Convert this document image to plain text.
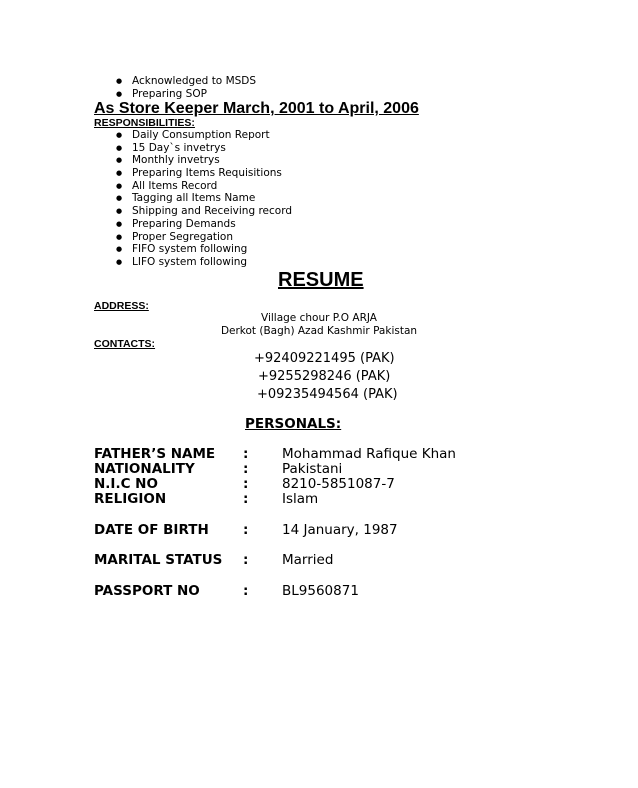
● Acknowledged to MSDS
● Preparing SOP
As Store Keeper March, 2001 to April, 2006
RESPONSIBILITIES:
● Daily Consumption Report
● 15 Day`s invetrys
● Monthly invetrys
● Preparing Items Requisitions
● All Items Record
● Tagging all Items Name
● Shipping and Receiving record
● Preparing Demands
● Proper Segregation
● FIFO system following
● LIFO system following
RESUME
ADDRESS:
Village chour P.O ARJA
Derkot (Bagh) Azad Kashmir Pakistan
CONTACTS:
+92409221495 (PAK)
+9255298246 (PAK)
+09235494564 (PAK)
PERSONALS:
FATHER’S NAME : Mohammad Rafique Khan
NATIONALITY	: Pakistani
N.I.C NO	: 8210-5851087-7
RELIGION	: Islam
DATE OF BIRTH	: 14 January, 1987
MARITAL STATUS : Married
PASSPORT NO	: BL9560871
